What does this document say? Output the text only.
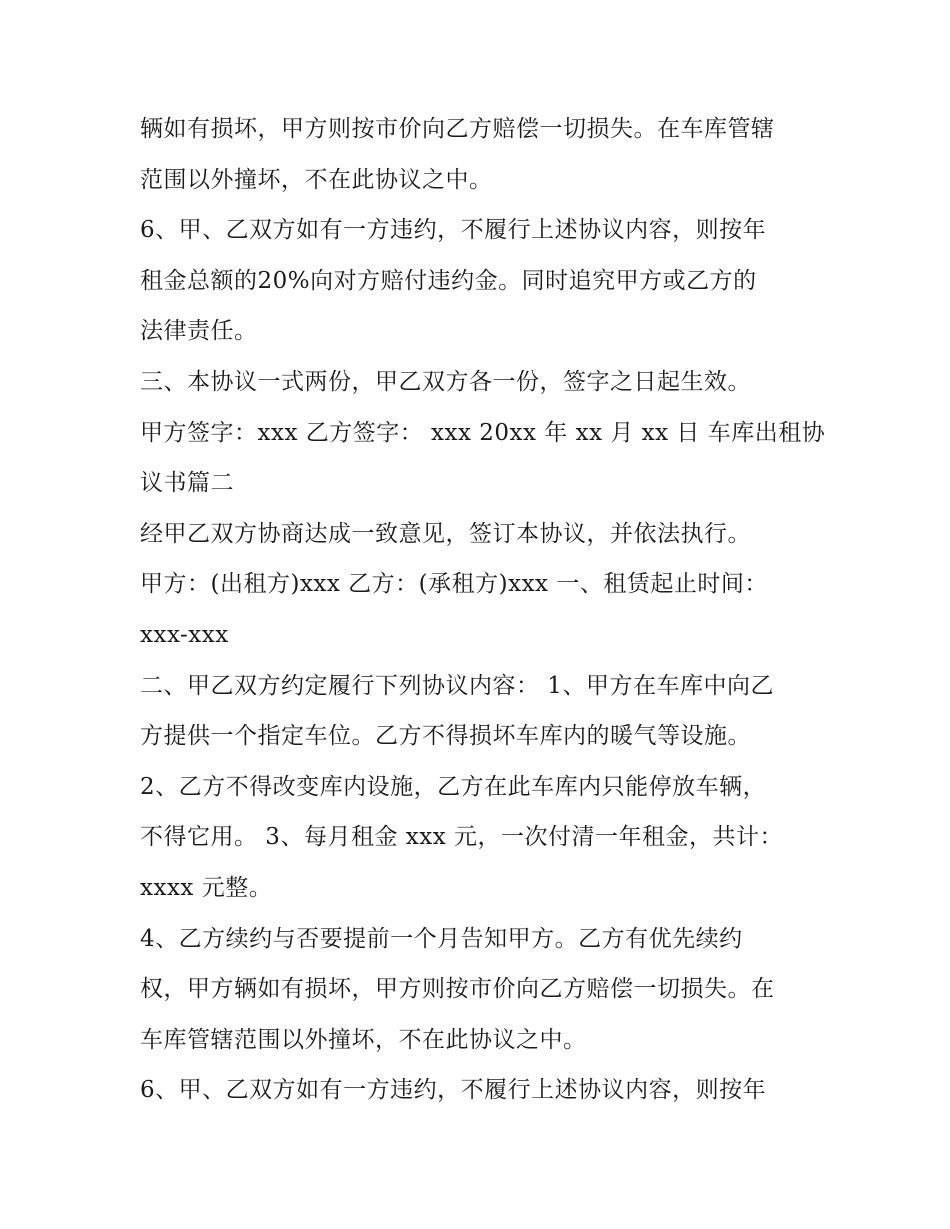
辆如有损坏，甲方则按市价向乙方赔偿一切损失。在车库管辖
范围以外撞坏，不在此协议之中。
6、甲、乙双方如有一方违约，不履行上述协议内容，则按年
租金总额的20%向对方赔付违约金。同时追究甲方或乙方的
法律责任。
三、本协议一式两份，甲乙双方各一份，签字之日起生效。
甲方签字：xxx 乙方签字： xxx 20xx 年 xx 月 xx 日 车库出租协
议书篇二
经甲乙双方协商达成一致意见，签订本协议，并依法执行。
甲方：(出租方)xxx 乙方：(承租方)xxx 一、租赁起止时间：
xxx-xxx
二、甲乙双方约定履行下列协议内容： 1、甲方在车库中向乙
方提供一个指定车位。乙方不得损坏车库内的暖气等设施。
2、乙方不得改变库内设施，乙方在此车库内只能停放车辆，
不得它用。 3、每月租金 xxx 元，一次付清一年租金，共计：
xxxx 元整。
4、乙方续约与否要提前一个月告知甲方。乙方有优先续约
权，甲方辆如有损坏，甲方则按市价向乙方赔偿一切损失。在
车库管辖范围以外撞坏，不在此协议之中。
6、甲、乙双方如有一方违约，不履行上述协议内容，则按年
